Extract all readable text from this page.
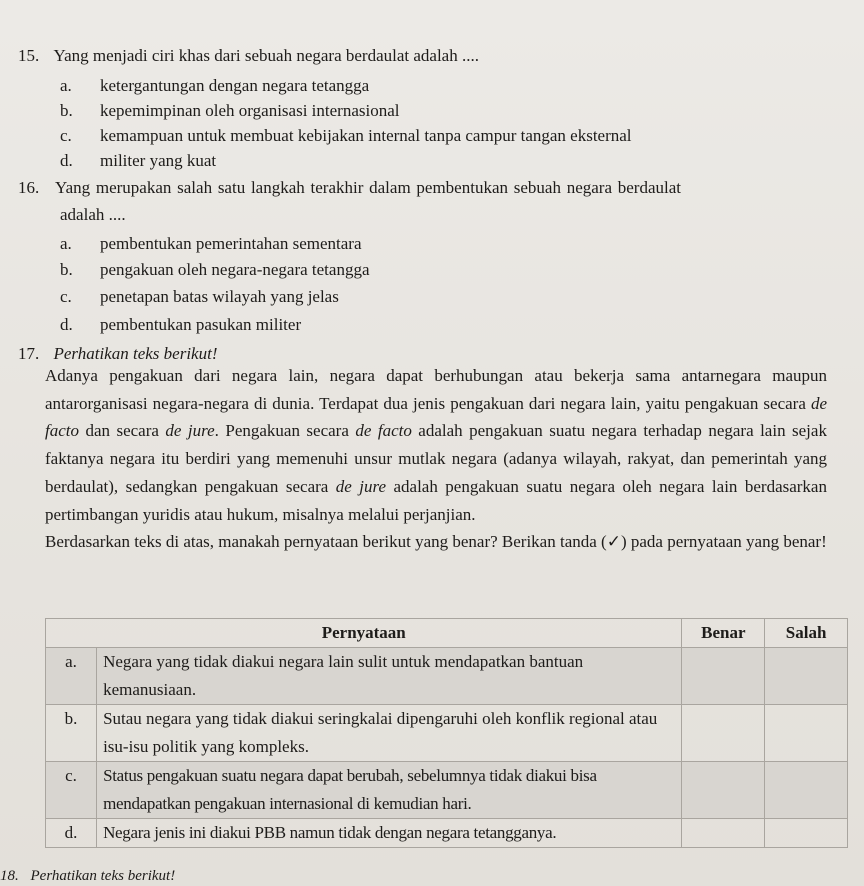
15. Yang menjadi ciri khas dari sebuah negara berdaulat adalah ....
a. ketergantungan dengan negara tetangga
b. kepemimpinan oleh organisasi internasional
c. kemampuan untuk membuat kebijakan internal tanpa campur tangan eksternal
d. militer yang kuat
16. Yang merupakan salah satu langkah terakhir dalam pembentukan sebuah negara berdaulat
adalah ....
a. pembentukan pemerintahan sementara
b. pengakuan oleh negara-negara tetangga
c. penetapan batas wilayah yang jelas
d. pembentukan pasukan militer
17. Perhatikan teks berikut!

Adanya pengakuan dari negara lain, negara dapat berhubungan atau bekerja sama antarnegara maupun antarorganisasi negara-negara di dunia. Terdapat dua jenis pengakuan dari negara lain, yaitu pengakuan secara de facto dan secara de jure. Pengakuan secara de facto adalah pengakuan suatu negara terhadap negara lain sejak faktanya negara itu berdiri yang memenuhi unsur mutlak negara (adanya wilayah, rakyat, dan pemerintah yang berdaulat), sedangkan pengakuan secara de jure adalah pengakuan suatu negara oleh negara lain berdasarkan pertimbangan yuridis atau hukum, misalnya melalui perjanjian.

Berdasarkan teks di atas, manakah pernyataan berikut yang benar? Berikan tanda (✓) pada pernyataan yang benar!

Pernyataan		Benar	Salah
a.	Negara yang tidak diakui negara lain sulit untuk mendapatkan bantuan kemanusiaan.		
b.	Sutau negara yang tidak diakui seringkalai dipengaruhi oleh konflik regional atau isu-isu politik yang kompleks.		
c.	Status pengakuan suatu negara dapat berubah, sebelumnya tidak diakui bisa mendapatkan pengakuan internasional di kemudian hari.		
d.	Negara jenis ini diakui PBB namun tidak dengan negara tetangganya.		
18. Perhatikan teks berikut!
